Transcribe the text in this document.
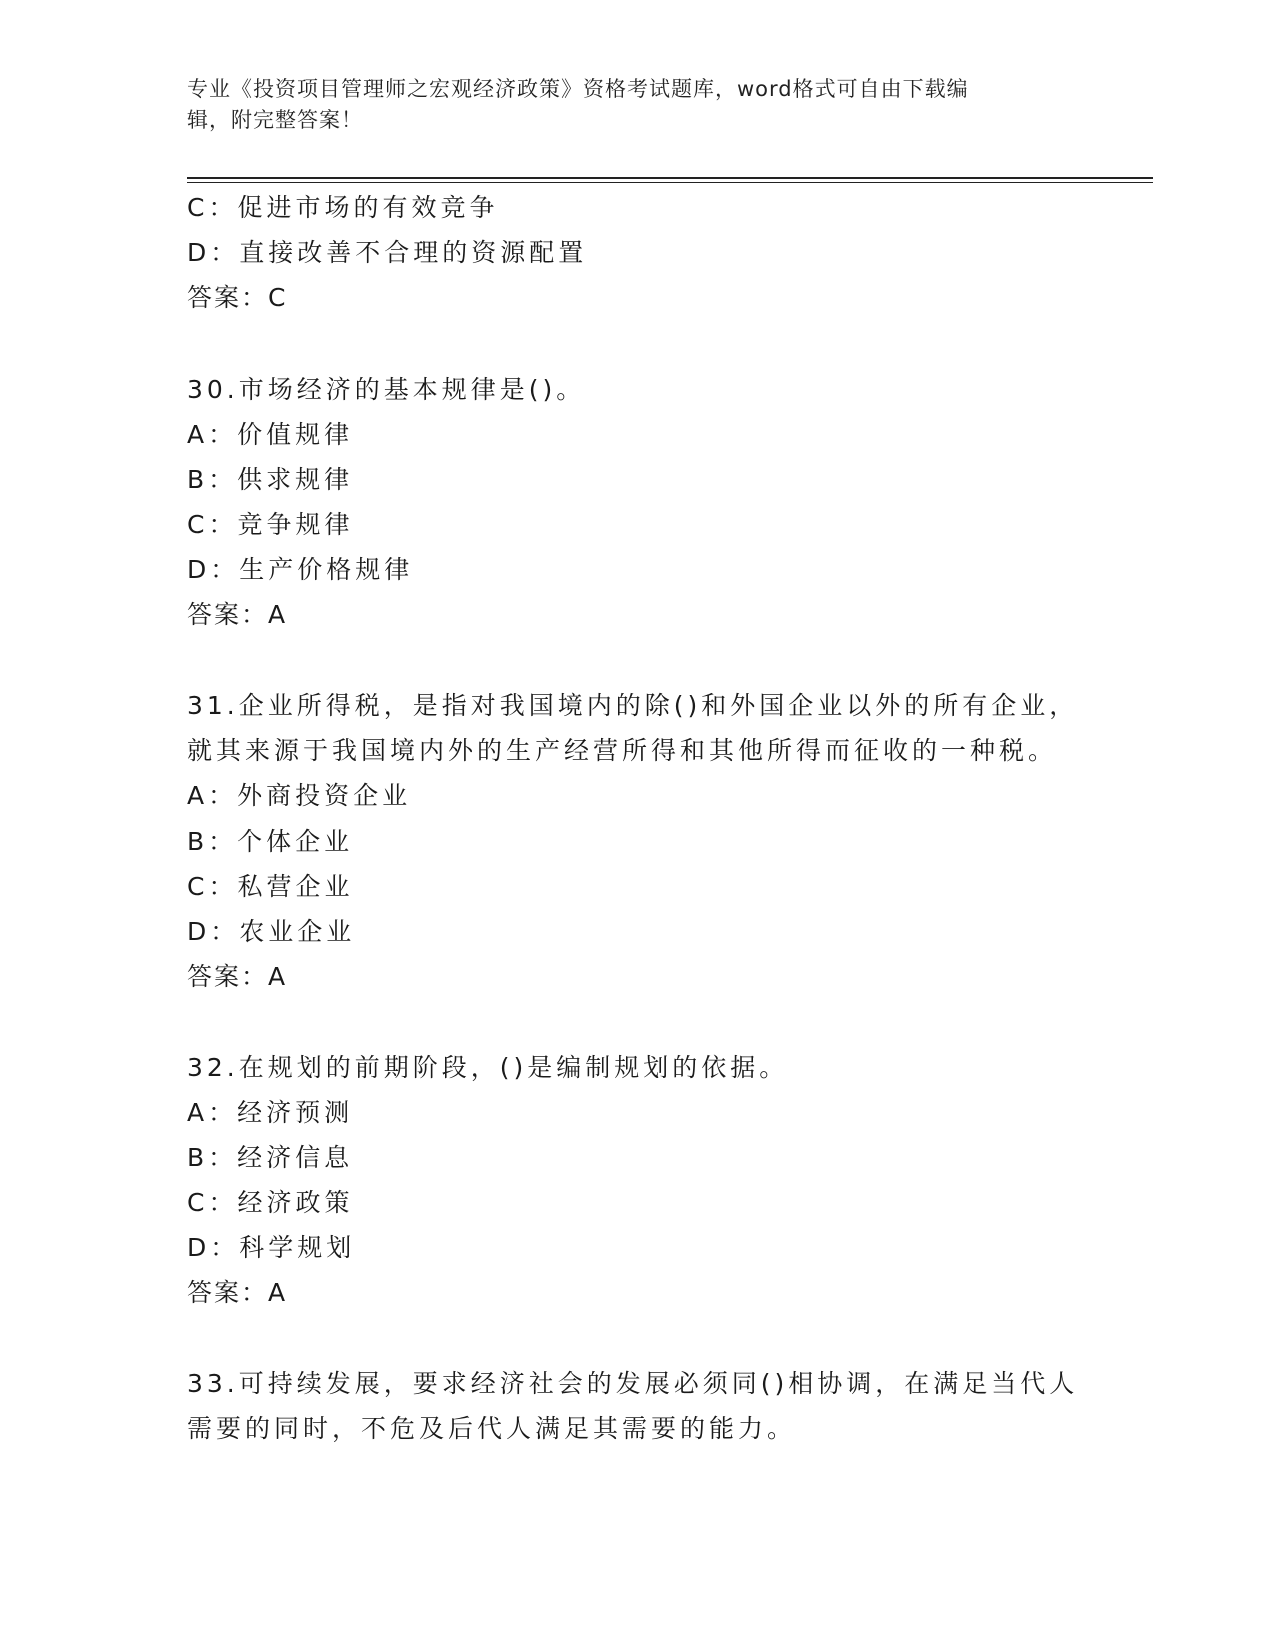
专业《投资项目管理师之宏观经济政策》资格考试题库，word格式可自由下载编
辑，附完整答案！
C：促进市场的有效竞争
D：直接改善不合理的资源配置
答案：C
30.市场经济的基本规律是()。
A：价值规律
B：供求规律
C：竞争规律
D：生产价格规律
答案：A
31.企业所得税，是指对我国境内的除()和外国企业以外的所有企业，
就其来源于我国境内外的生产经营所得和其他所得而征收的一种税。
A：外商投资企业
B：个体企业
C：私营企业
D：农业企业
答案：A
32.在规划的前期阶段，()是编制规划的依据。
A：经济预测
B：经济信息
C：经济政策
D：科学规划
答案：A
33.可持续发展，要求经济社会的发展必须同()相协调，在满足当代人
需要的同时，不危及后代人满足其需要的能力。
